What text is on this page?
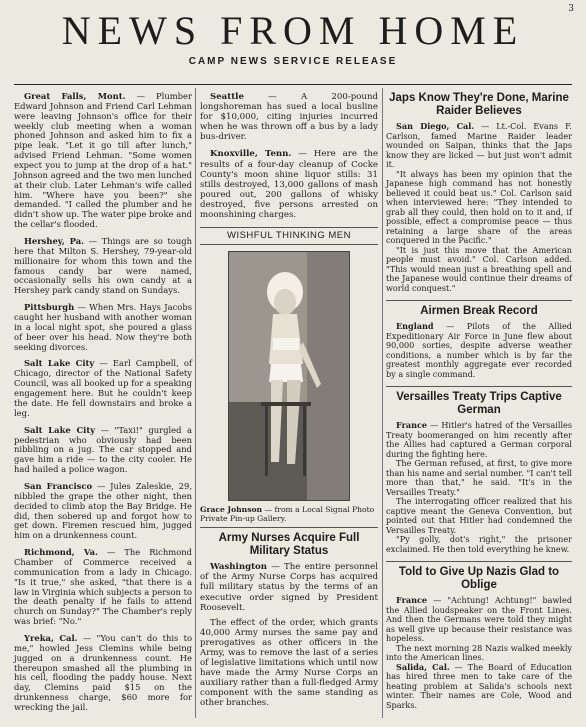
3
NEWS FROM HOME
CAMP NEWS SERVICE RELEASE

Great Falls, Mont. — Plumber Edward Johnson and Friend Carl Lehman were leaving Johnson's office for their weekly club meeting when a woman phoned Johnson and asked him to fix a pipe leak. "Let it go till after lunch," advised Friend Lehman. "Some women expect you to jump at the drop of a hat." Johnson agreed and the two men lunched at their club. Later Lehman's wife called him. "Where have you been?" she demanded. "I called the plumber and he didn't show up. The water pipe broke and the cellar's flooded.

Hershey, Pa. — Things are so tough here that Milton S. Hershey, 79-year-old millionaire for whom this town and the famous candy bar were named, occasionally sells his own candy at a Hershey park candy stand on Sundays.

Pittsburgh — When Mrs. Hays Jacobs caught her husband with another woman in a local night spot, she poured a glass of beer over his head. Now they're both seeking divorces.

Salt Lake City — Earl Campbell, of Chicago, director of the National Safety Council, was all booked up for a speaking engagement here. But he couldn't keep the date. He fell downstairs and broke a leg.

Salt Lake City — "Taxi!" gurgled a pedestrian who obviously had been nibbling on a jug. The car stopped and gave him a ride — to the city cooler. He had hailed a police wagon.

San Francisco — Jules Zaleskie, 29, nibbled the grape the other night, then decided to climb atop the Bay Bridge. He did, then sobered up and forgot how to get down. Firemen rescued him, jugged him on a drunkenness count.

Richmond, Va. — The Richmond Chamber of Commerce received a communication from a lady in Chicago. "Is it true," she asked, "that there is a law in Virginia which subjects a person to the death penalty if he fails to attend church on Sunday?" The Chamber's reply was brief: "No."

Yreka, Cal. — "You can't do this to me," howled Jess Clemins while being jugged on a drunkenness count. He thereupon smashed all the plumbing in his cell, flooding the paddy house. Next day, Clemins paid $15 on the drunkenness charge, $60 more for wrecking the jail.

Seattle — A 200-pound longshoreman has sued a local busline for $10,000, citing injuries incurred when he was thrown off a bus by a lady bus-driver.

Knoxville, Tenn. — Here are the results of a four-day cleanup of Cocke County's moon shine liquor stills: 31 stills destroyed, 13,000 gallons of mash poured out, 200 gallons of whisky destroyed, five persons arrested on moonshining charges.

WISHFUL THINKING MEN
Grace Johnson — from a Local Signal Photo Private Pin-up Gallery.
Army Nurses Acquire Full Military Status

Washington — The entire personnel of the Army Nurse Corps has acquired full military status by the terms of an executive order signed by President Roosevelt.

The effect of the order, which grants 40,000 Army nurses the same pay and prerogatives as other officers in the Army, was to remove the last of a series of legislative limitations which until now have made the Army Nurse Corps an auxiliary rather than a full-fledged Army component with the same standing as other branches.

Japs Know They're Done, Marine Raider Believes

San Diego, Cal. — Lt.-Col. Evans F. Carlson, famed Marine Raider leader wounded on Saipan, thinks that the Japs know they are licked — but just won't admit it.

"It always has been my opinion that the Japanese high command has not honestly believed it could beat us." Col. Carlson said when interviewed here: "They intended to grab all they could, then hold on to it and, if possible, effect a compromise peace — thus retaining a large share of the areas conquered in the Pacific."

"It is just this move that the American people must avoid." Col. Carlson added. "This would mean just a breathing spell and the Japanese would continue their dreams of world conquest."

Airmen Break Record

England — Pilots of the Allied Expeditionary Air Force in June flew about 90,000 sorties, despite adverse weather conditions, a number which is by far the greatest monthly aggregate ever recorded by a single command.

Versailles Treaty Trips Captive German

France — Hitler's hatred of the Versailles Treaty boomeranged on him recently after the Allies had captured a German corporal during the fighting here.

The German refused, at first, to give more than his name and serial number. "I can't tell more than that," he said. "It's in the Versailles Treaty."

The interrogating officer realized that his captive meant the Geneva Convention, but pointed out that Hitler had condemned the Versailles Treaty.

"Py golly, dot's right," the prisoner exclaimed. He then told everything he knew.

Told to Give Up Nazis Glad to Oblige

France — "Achtung! Achtung!" bawled the Allied loudspeaker on the Front Lines. And then the Germans were told they might as well give up because their resistance was hopeless.

The next morning 28 Nazis walked meekly into the American lines.

Salida, Cal. — The Board of Education has hired three men to take care of the heating problem at Salida's schools next winter. Their names are Cole, Wood and Sparks.
